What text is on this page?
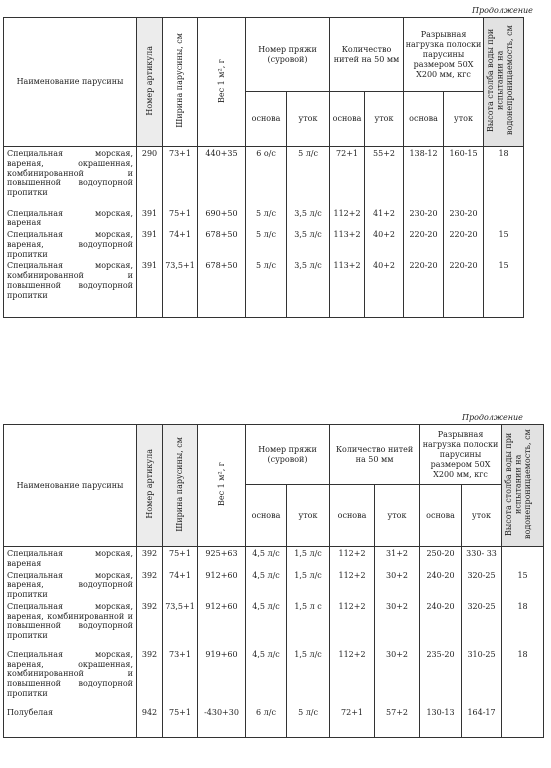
Продолжение
Наименование парусины	Номер артикула	Ширина парусины, см	Вес 1 м², г	Номер пряжи (суровой)		Количество нитей на 50 мм		Разрывная нагрузка полоски парусины размером 50Х Х200 мм, кгс		Высота столба воды при испытании на водонепроницаемость, см
				основа	уток	основа	уток	основа	уток	
Специальная морская, вареная, окрашенная, комбинированной и повышенной водоупорной пропитки	290	73+1	440+35	6 о/с	5 л/с	72+1	55+2	138-12	160-15	18
Специальная морская, вареная	391	75+1	690+50	5 л/с	3,5 л/с	112+2	41+2	230-20	230-20	
Специальная морская, вареная, водоупорной пропитки	391	74+1	678+50	5 л/с	3,5 л/с	113+2	40+2	220-20	220-20	15
Специальная морская, комбинированной и повышенной водоупорной пропитки	391	73,5+1	678+50	5 л/с	3,5 л/с	113+2	40+2	220-20	220-20	15

Продолжение
Наименование парусины	Номер артикула	Ширина парусины, см	Вес 1 м², г	Номер пряжи (суровой)		Количество нитей на 50 мм		Разрывная нагрузка полоски парусины размером 50Х Х200 мм, кгс		Высота столба воды при испытании на водонепроницаемость, см
				основа	уток	основа	уток	основа	уток	
Специальная морская, вареная	392	75+1	925+63	4,5 л/с	1,5 л/с	112+2	31+2	250-20	330- 33	
Специальная морская, вареная, водоупорной пропитки	392	74+1	912+60	4,5 л/с	1,5 л/с	112+2	30+2	240-20	320-25	15
Специальная морская, вареная, комбинированной и повышенной водоупорной пропитки	392	73,5+1	912+60	4,5 л/с	1,5 л с	112+2	30+2	240-20	320-25	18
Специальная морская, вареная, окрашенная, комбинированной и повышенной водоупорной пропитки	392	73+1	919+60	4,5 л/с	1,5 л/с	112+2	30+2	235-20	310-25	18
Полубелая	942	75+1	-430+30	6 л/с	5 л/с	72+1	57+2	130-13	164-17	
